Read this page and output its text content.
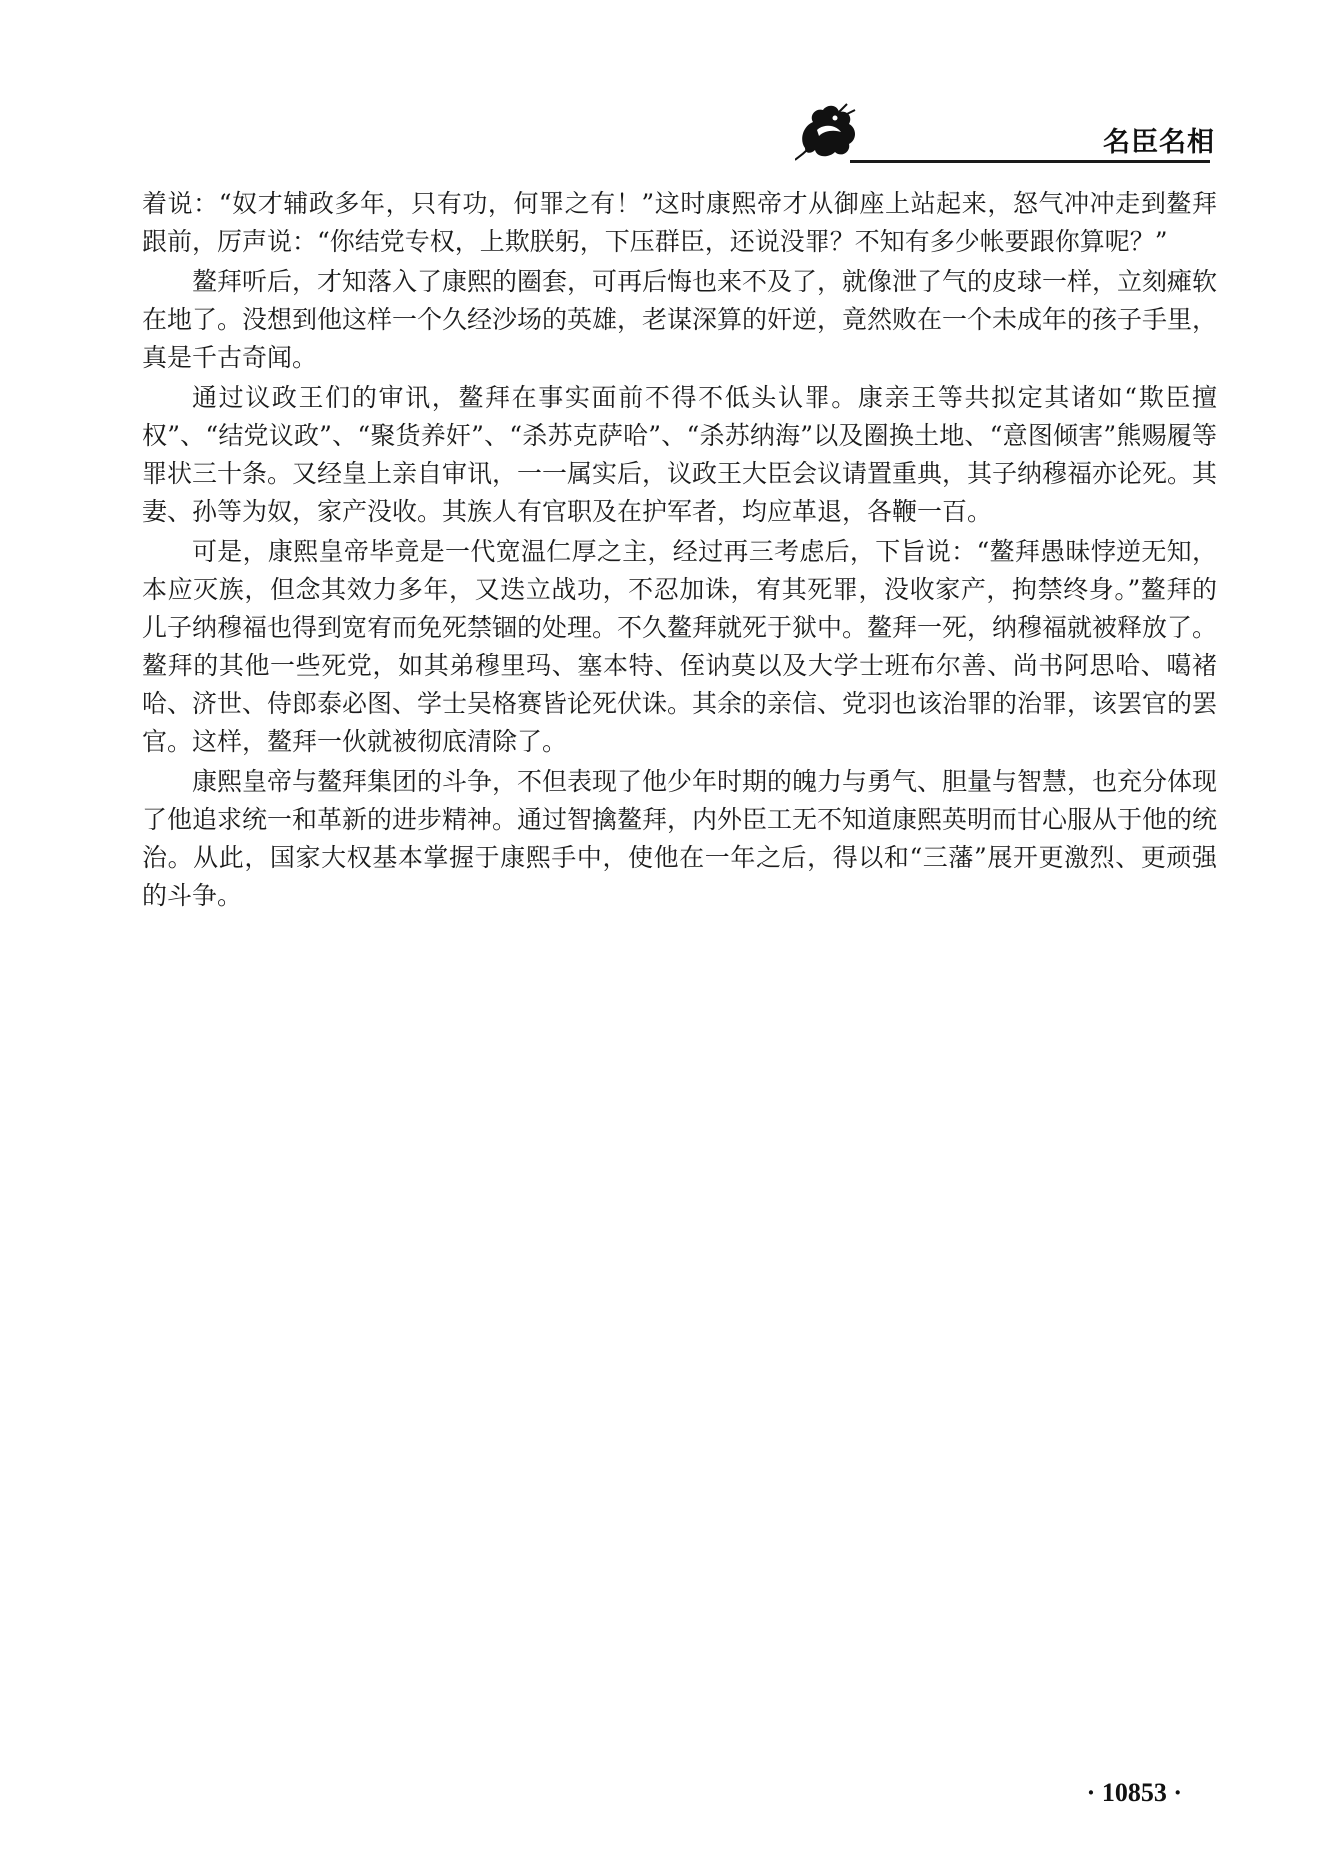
名臣名相

着说：“奴才辅政多年，只有功，何罪之有！”这时康熙帝才从御座上站起来，怒气冲冲走到鳌拜跟前，厉声说：“你结党专权，上欺朕躬，下压群臣，还说没罪？不知有多少帐要跟你算呢？”

鳌拜听后，才知落入了康熙的圈套，可再后悔也来不及了，就像泄了气的皮球一样，立刻瘫软在地了。没想到他这样一个久经沙场的英雄，老谋深算的奸逆，竟然败在一个未成年的孩子手里，真是千古奇闻。

通过议政王们的审讯，鳌拜在事实面前不得不低头认罪。康亲王等共拟定其诸如“欺臣擅权”、“结党议政”、“聚货养奸”、“杀苏克萨哈”、“杀苏纳海”以及圈换土地、“意图倾害”熊赐履等罪状三十条。又经皇上亲自审讯，一一属实后，议政王大臣会议请置重典，其子纳穆福亦论死。其妻、孙等为奴，家产没收。其族人有官职及在护军者，均应革退，各鞭一百。

可是，康熙皇帝毕竟是一代宽温仁厚之主，经过再三考虑后，下旨说：“鳌拜愚昧悖逆无知，本应灭族，但念其效力多年，又迭立战功，不忍加诛，宥其死罪，没收家产，拘禁终身。”鳌拜的儿子纳穆福也得到宽宥而免死禁锢的处理。不久鳌拜就死于狱中。鳌拜一死，纳穆福就被释放了。鳌拜的其他一些死党，如其弟穆里玛、塞本特、侄讷莫以及大学士班布尔善、尚书阿思哈、噶褚哈、济世、侍郎泰必图、学士吴格赛皆论死伏诛。其余的亲信、党羽也该治罪的治罪，该罢官的罢官。这样，鳌拜一伙就被彻底清除了。

康熙皇帝与鳌拜集团的斗争，不但表现了他少年时期的魄力与勇气、胆量与智慧，也充分体现了他追求统一和革新的进步精神。通过智擒鳌拜，内外臣工无不知道康熙英明而甘心服从于他的统治。从此，国家大权基本掌握于康熙手中，使他在一年之后，得以和“三藩”展开更激烈、更顽强的斗争。

· 10853 ·
